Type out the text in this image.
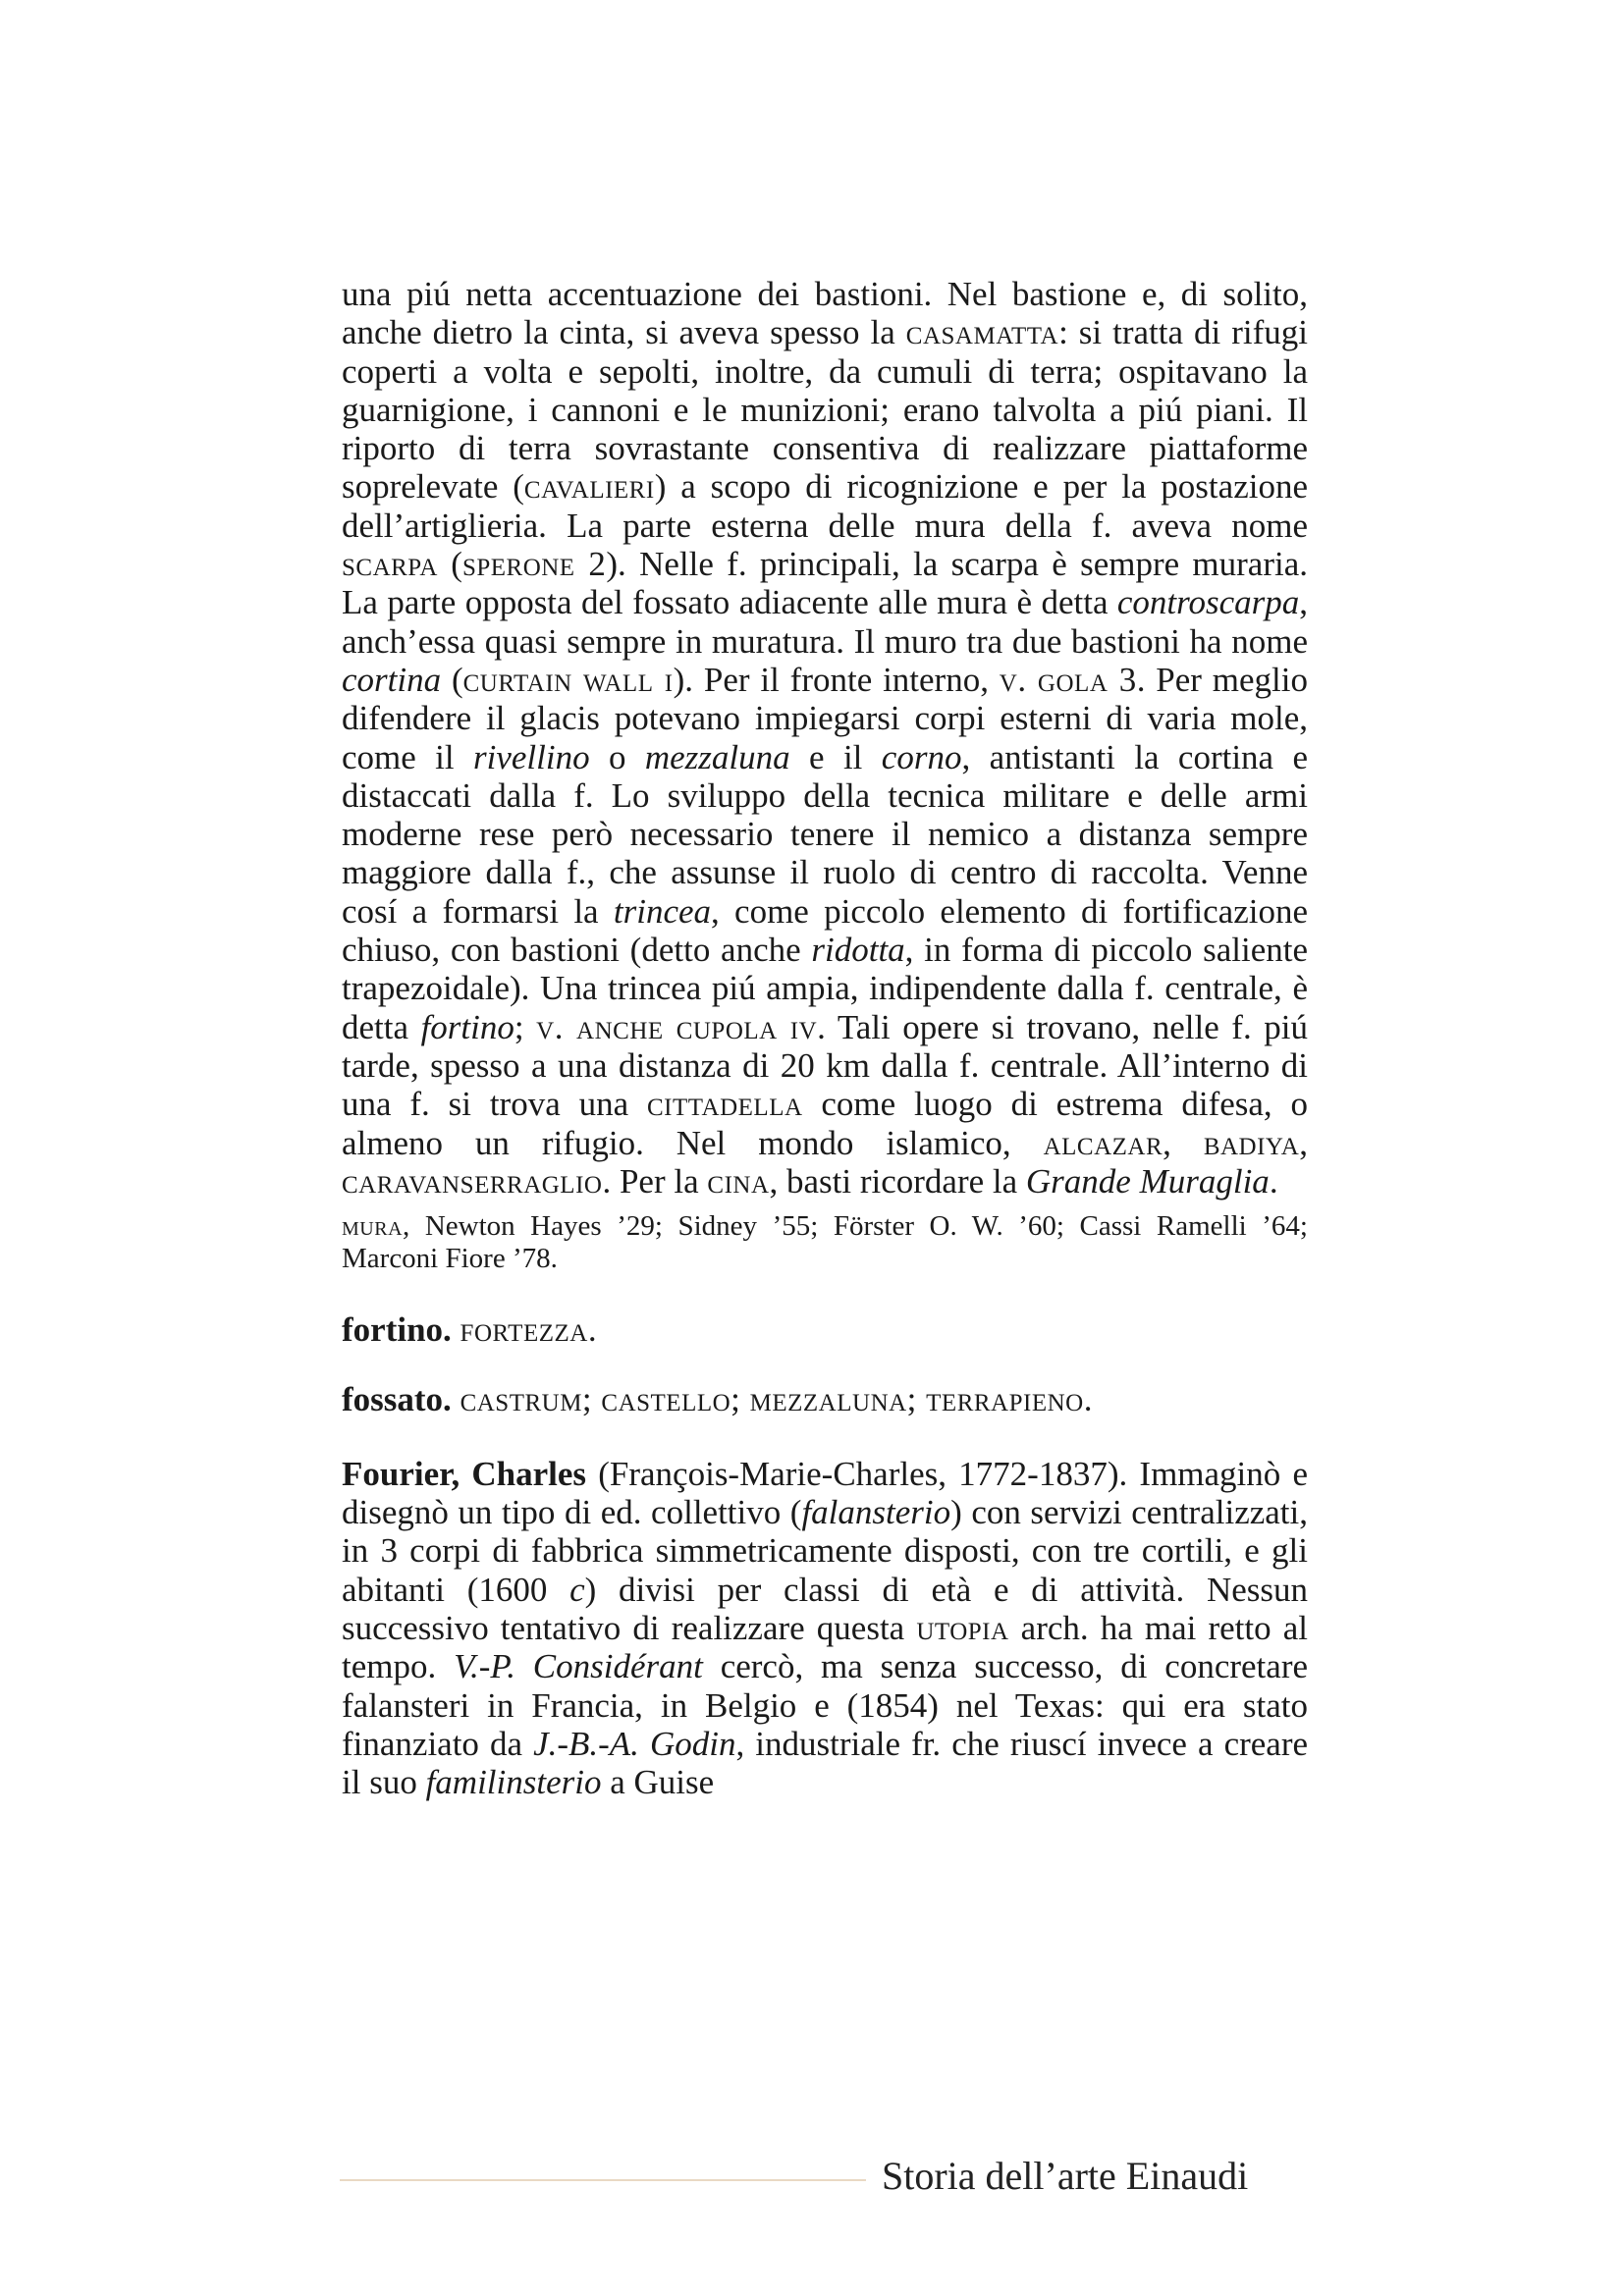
una piú netta accentuazione dei bastioni. Nel bastione e, di solito, anche dietro la cinta, si aveva spesso la casamatta: si tratta di rifugi coperti a volta e sepolti, inoltre, da cumuli di terra; ospitavano la guarnigione, i cannoni e le munizioni; erano talvolta a piú piani. Il riporto di terra sovrastante consentiva di realizzare piattaforme soprelevate (cavalieri) a scopo di ricognizione e per la postazione dell’artiglieria. La parte esterna delle mura della f. aveva nome scarpa (sperone 2). Nelle f. principali, la scarpa è sempre muraria. La parte opposta del fossato adiacente alle mura è detta controscarpa, anch’essa quasi sempre in muratura. Il muro tra due bastioni ha nome cortina (curtain wall i). Per il fronte interno, v. gola 3. Per meglio difendere il glacis potevano impiegarsi corpi esterni di varia mole, come il rivellino o mezzaluna e il corno, antistanti la cortina e distaccati dalla f. Lo sviluppo della tecnica militare e delle armi moderne rese però necessario tenere il nemico a distanza sempre maggiore dalla f., che assunse il ruolo di centro di raccolta. Venne cosí a formarsi la trincea, come piccolo elemento di fortificazione chiuso, con bastioni (detto anche ridotta, in forma di piccolo saliente trapezoidale). Una trincea piú ampia, indipendente dalla f. centrale, è detta fortino; v. anche cupola iv. Tali opere si trovano, nelle f. piú tarde, spesso a una distanza di 20 km dalla f. centrale. All’interno di una f. si trova una cittadella come luogo di estrema difesa, o almeno un rifugio. Nel mondo islamico, alcazar, badiya, caravanserraglio. Per la cina, basti ricordare la Grande Muraglia.

mura, Newton Hayes ’29; Sidney ’55; Förster O. W. ’60; Cassi Ramelli ’64; Marconi Fiore ’78.

fortino. fortezza.

fossato. castrum; castello; mezzaluna; terrapieno.

Fourier, Charles (François-Marie-Charles, 1772-1837). Immaginò e disegnò un tipo di ed. collettivo (falansterio) con servizi centralizzati, in 3 corpi di fabbrica simmetricamente disposti, con tre cortili, e gli abitanti (1600 c) divisi per classi di età e di attività. Nessun successivo tentativo di realizzare questa utopia arch. ha mai retto al tempo. V.-P. Considérant cercò, ma senza successo, di concretare falansteri in Francia, in Belgio e (1854) nel Texas: qui era stato finanziato da J.-B.-A. Godin, industriale fr. che riuscí invece a creare il suo familinsterio a Guise

Storia dell’arte Einaudi
